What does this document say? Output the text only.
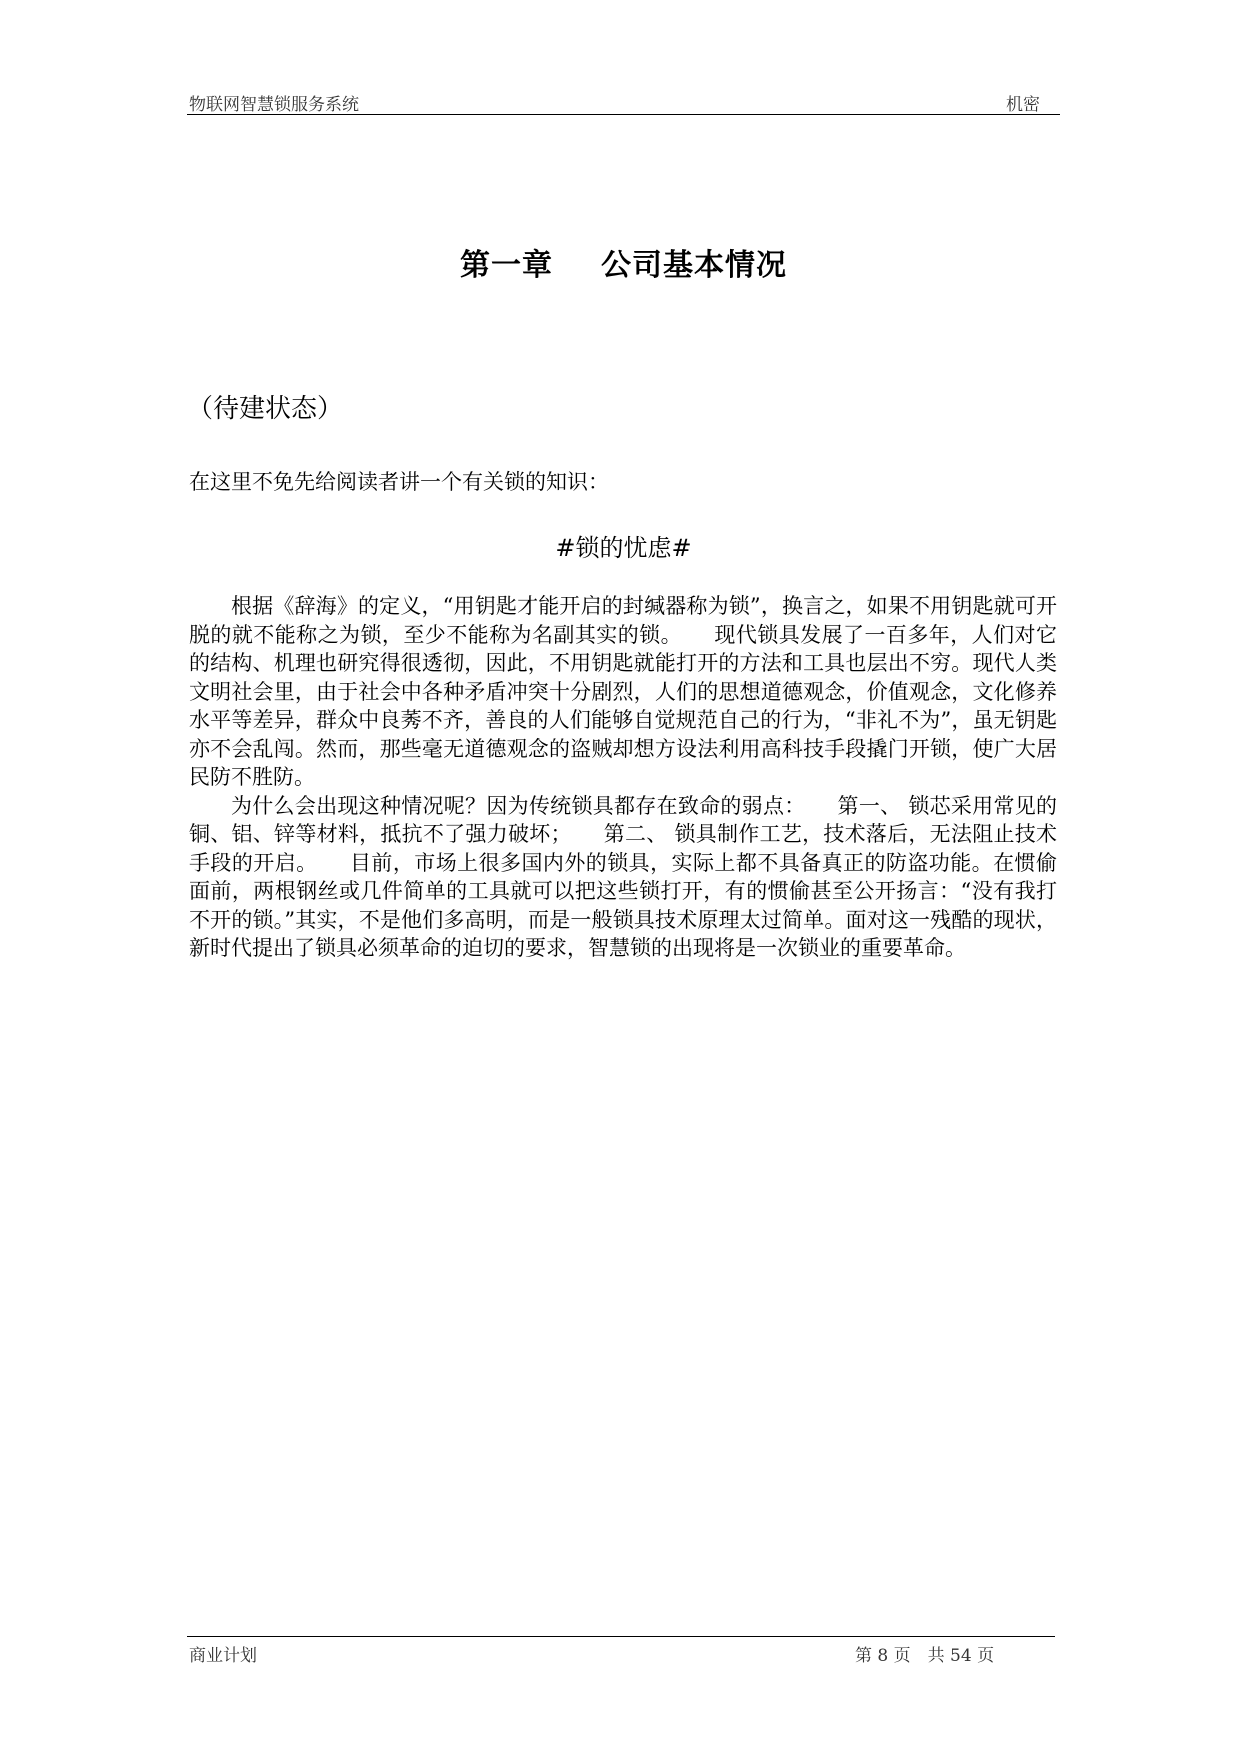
物联网智慧锁服务系统	机密
第一章 公司基本情况
（待建状态）
在这里不免先给阅读者讲一个有关锁的知识：
#锁的忧虑#

根据《辞海》的定义，“用钥匙才能开启的封缄器称为锁”，换言之，如果不用钥匙就可开脱的就不能称之为锁，至少不能称为名副其实的锁。　　现代锁具发展了一百多年，人们对它的结构、机理也研究得很透彻，因此，不用钥匙就能打开的方法和工具也层出不穷。现代人类文明社会里，由于社会中各种矛盾冲突十分剧烈，人们的思想道德观念，价值观念，文化修养水平等差异，群众中良莠不齐，善良的人们能够自觉规范自己的行为，“非礼不为”，虽无钥匙亦不会乱闯。然而，那些毫无道德观念的盗贼却想方设法利用高科技手段撬门开锁，使广大居民防不胜防。

为什么会出现这种情况呢？因为传统锁具都存在致命的弱点：　　第一、 锁芯采用常见的铜、铝、锌等材料，抵抗不了强力破坏；　　第二、 锁具制作工艺，技术落后，无法阻止技术手段的开启。　　目前，市场上很多国内外的锁具，实际上都不具备真正的防盗功能。在惯偷面前，两根钢丝或几件简单的工具就可以把这些锁打开，有的惯偷甚至公开扬言：“没有我打不开的锁。”其实，不是他们多高明，而是一般锁具技术原理太过简单。面对这一残酷的现状，新时代提出了锁具必须革命的迫切的要求，智慧锁的出现将是一次锁业的重要革命。

商业计划	第 8 页　共 54 页
